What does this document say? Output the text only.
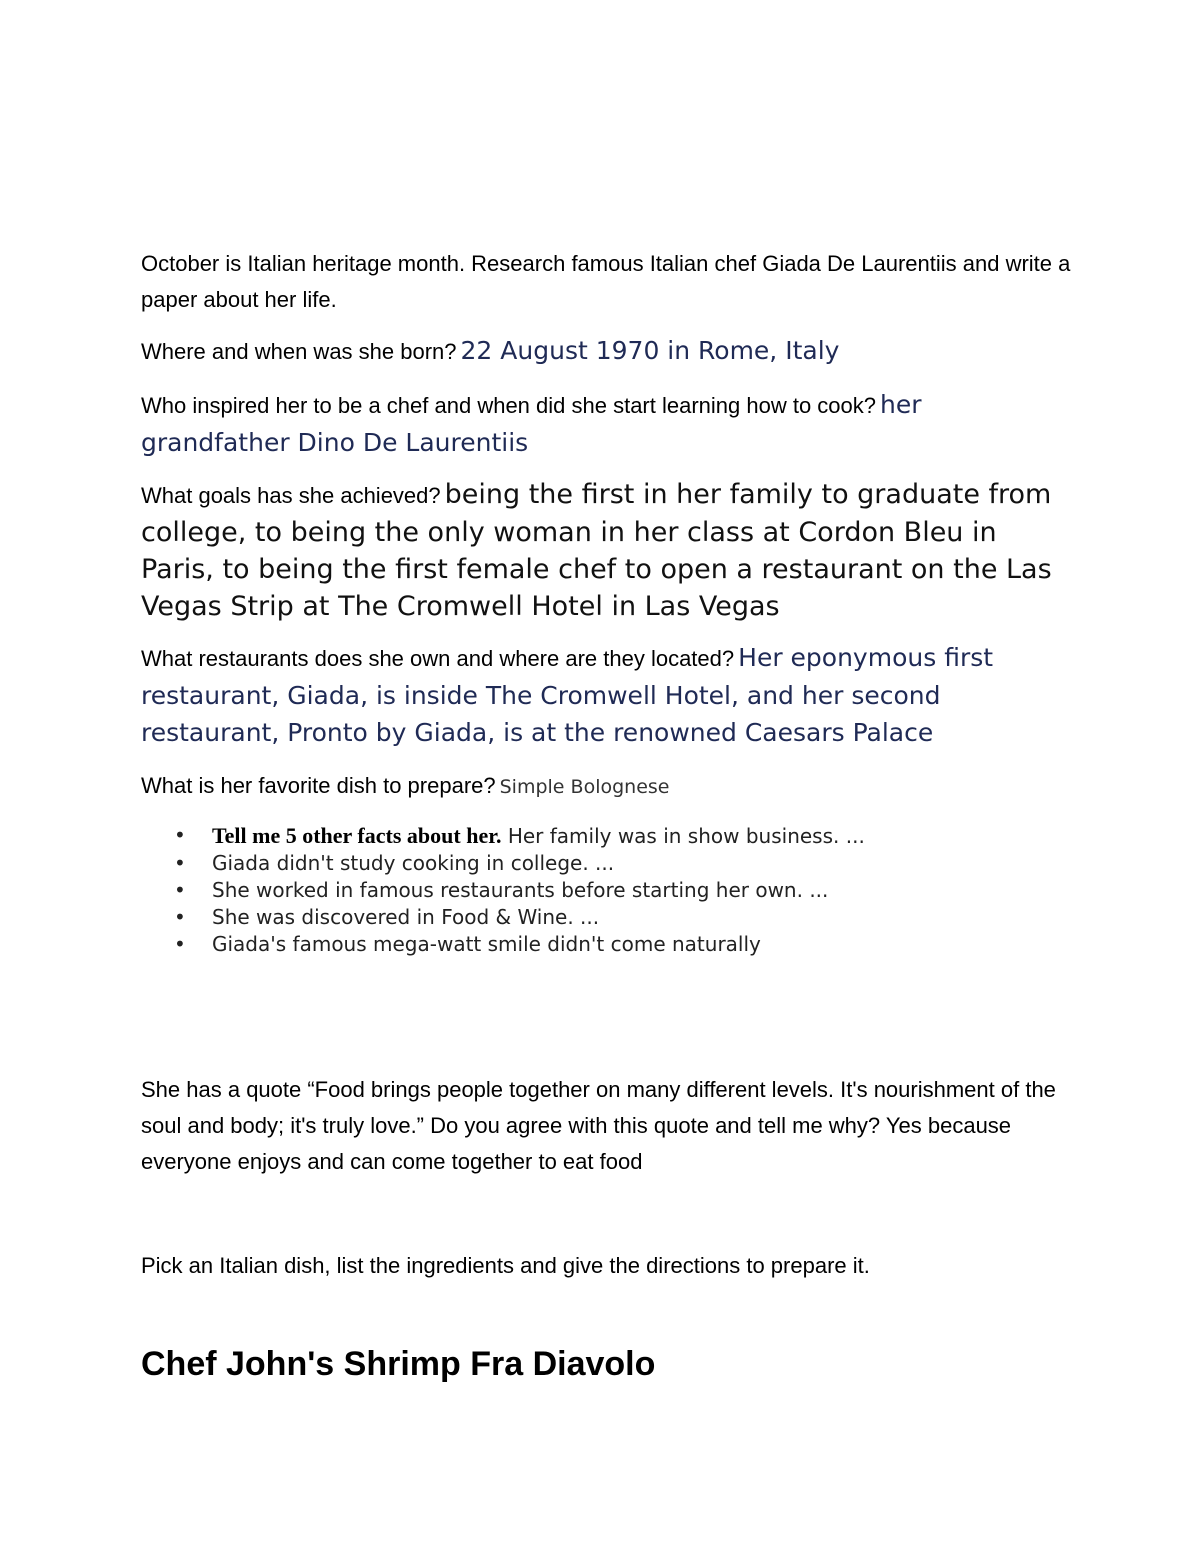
October is Italian heritage month. Research famous Italian chef Giada De Laurentiis and write a paper about her life.

Where and when was she born? 22 August 1970 in Rome, Italy

Who inspired her to be a chef and when did she start learning how to cook? her grandfather Dino De Laurentiis

What goals has she achieved? being the first in her family to graduate from college, to being the only woman in her class at Cordon Bleu in Paris, to being the first female chef to open a restaurant on the Las Vegas Strip at The Cromwell Hotel in Las Vegas

What restaurants does she own and where are they located? Her eponymous first restaurant, Giada, is inside The Cromwell Hotel, and her second restaurant, Pronto by Giada, is at the renowned Caesars Palace

What is her favorite dish to prepare? Simple Bolognese

• Tell me 5 other facts about her. Her family was in show business. ...
• Giada didn't study cooking in college. ...
• She worked in famous restaurants before starting her own. ...
• She was discovered in Food & Wine. ...
• Giada's famous mega-watt smile didn't come naturally

She has a quote “Food brings people together on many different levels. It's nourishment of the soul and body; it's truly love.” Do you agree with this quote and tell me why? Yes because everyone enjoys and can come together to eat food

Pick an Italian dish, list the ingredients and give the directions to prepare it.

Chef John's Shrimp Fra Diavolo
